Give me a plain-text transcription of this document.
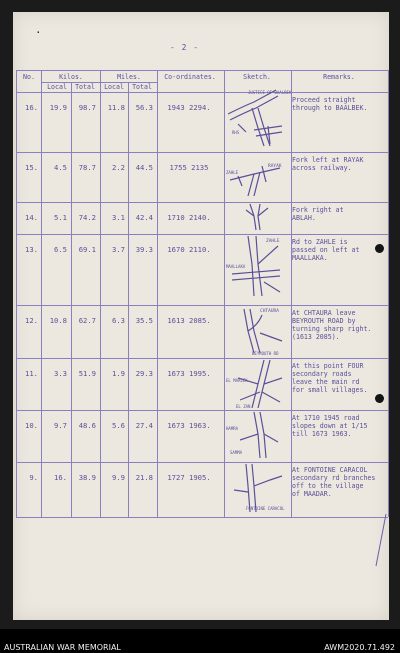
·
- 2 -
No.	Kilos.	Miles.
Local	Total	Local	Total
Co-ordinates.	Sketch.	Remarks.
16.	19.9	98.7	11.8	56.3	1943 2294.
Proceed straight
through to BAALBEK.
15.	4.5	78.7	2.2	44.5	1755 2135
Fork left at RAYAK
across railway.
14.	5.1	74.2	3.1	42.4	1710 2140.
Fork right at
ABLAH.
13.	6.5	69.1	3.7	39.3	1670 2110.
Rd to ZAHLE is
passed on left at
MAALLAKA.
12.	10.8	62.7	6.3	35.5	1613 2085.
At CHTAURA leave
BEYROUTH ROAD by
turning sharp right.
(1613 2085).
11.	3.3	51.9	1.9	29.3	1673 1995.
At this point FOUR
secondary roads
leave the main rd
for small villages.
10.	9.7	48.6	5.6	27.4	1673 1963.
At 1710 1945 road
slopes down at 1/15
till 1673 1963.
9.	16.	38.9	9.9	21.8	1727 1905.
At FONTOINE CARACOL
secondary rd branches
off to the village
of MAADAR.
JUSTICE OF BAALBEK
RHS
RAYAK
ZAHLE
ZAHLE
MAALLAKA
CHTAURA
BEYROUTH RD
EL MAALEK
EL ZAN
HAMRA
SAMMA
FONTOINE CARACOL
AUSTRALIAN WAR MEMORIAL	AWM2020.71.492
